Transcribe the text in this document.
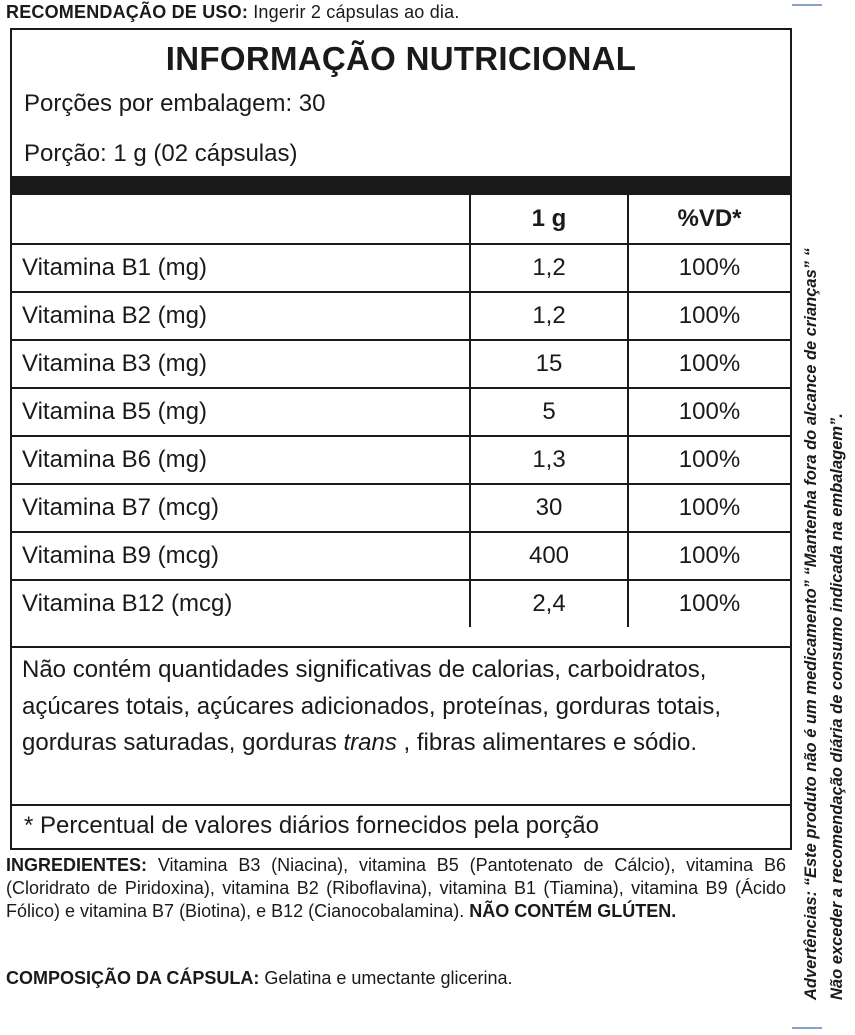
RECOMENDAÇÃO DE USO: Ingerir 2 cápsulas ao dia.
INFORMAÇÃO NUTRICIONAL
Porções por embalagem: 30
Porção: 1 g (02 cápsulas)
	1 g	%VD*
Vitamina B1 (mg)	1,2	100%
Vitamina B2 (mg)	1,2	100%
Vitamina B3 (mg)	15	100%
Vitamina B5 (mg)	5	100%
Vitamina B6 (mg)	1,3	100%
Vitamina B7 (mcg)	30	100%
Vitamina B9 (mcg)	400	100%
Vitamina B12 (mcg)	2,4	100%
Não contém quantidades significativas de calorias, carboidratos, açúcares totais, açúcares adicionados, proteínas, gorduras totais, gorduras saturadas, gorduras trans , fibras alimentares e sódio.
* Percentual de valores diários fornecidos pela porção
INGREDIENTES: Vitamina B3 (Niacina), vitamina B5 (Pantotenato de Cálcio), vitamina B6 (Cloridrato de Piridoxina), vitamina B2 (Riboflavina), vitamina B1 (Tiamina), vitamina B9 (Ácido Fólico) e vitamina B7 (Biotina), e B12 (Cianocobalamina). NÃO CONTÉM GLÚTEN.
COMPOSIÇÃO DA CÁPSULA: Gelatina e umectante glicerina.	Advertências: “Este produto não é um medicamento” “Mantenha fora do alcance de crianças” “ Não exceder a recomendação diária de consumo indicada na embalagem”.
